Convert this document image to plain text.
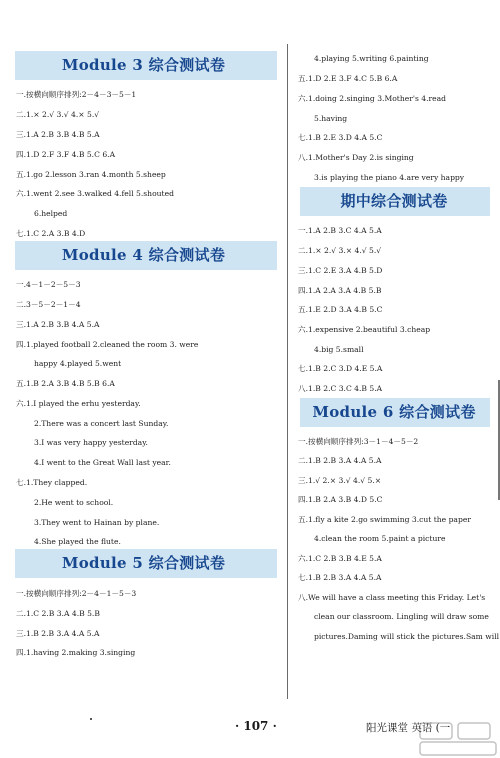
Module 3 综合测试卷
一.按横向顺序排列:2－4－3－5－1
二.1.× 2.√ 3.√ 4.× 5.√
三.1.A 2.B 3.B 4.B 5.A
四.1.D 2.F 3.F 4.B 5.C 6.A
五.1.go 2.lesson 3.ran 4.month 5.sheep
六.1.went 2.see 3.walked 4.fell 5.shouted
6.helped
七.1.C 2.A 3.B 4.D
Module 4 综合测试卷
一.4－1－2－5－3
二.3－5－2－1－4
三.1.A 2.B 3.B 4.A 5.A
四.1.played football 2.cleaned the room 3. were
happy 4.played 5.went
五.1.B 2.A 3.B 4.B 5.B 6.A
六.1.I played the erhu yesterday.
2.There was a concert last Sunday.
3.I was very happy yesterday.
4.I went to the Great Wall last year.
七.1.They clapped.
2.He went to school.
3.They went to Hainan by plane.
4.She played the flute.
Module 5 综合测试卷
一.按横向顺序排列:2－4－1－5－3
二.1.C 2.B 3.A 4.B 5.B
三.1.B 2.B 3.A 4.A 5.A
四.1.having 2.making 3.singing
4.playing 5.writing 6.painting
五.1.D 2.E 3.F 4.C 5.B 6.A
六.1.doing 2.singing 3.Mother's 4.read
5.having
七.1.B 2.E 3.D 4.A 5.C
八.1.Mother's Day 2.is singing
3.is playing the piano 4.are very happy
期中综合测试卷
一.1.A 2.B 3.C 4.A 5.A
二.1.× 2.√ 3.× 4.√ 5.√
三.1.C 2.E 3.A 4.B 5.D
四.1.A 2.A 3.A 4.B 5.B
五.1.E 2.D 3.A 4.B 5.C
六.1.expensive 2.beautiful 3.cheap
4.big 5.small
七.1.B 2.C 3.D 4.E 5.A
八.1.B 2.C 3.C 4.B 5.A
Module 6 综合测试卷
一.按横向顺序排列:3－1－4－5－2
二.1.B 2.B 3.A 4.A 5.A
三.1.√ 2.× 3.√ 4.√ 5.×
四.1.B 2.A 3.B 4.D 5.C
五.1.fly a kite 2.go swimming 3.cut the paper
4.clean the room 5.paint a picture
六.1.C 2.B 3.B 4.E 5.A
七.1.B 2.B 3.A 4.A 5.A
八.We will have a class meeting this Friday. Let's
clean our classroom. Lingling will draw some
pictures.Daming will stick the pictures.Sam will
· 107 ·	阳光课堂 英语 (一
